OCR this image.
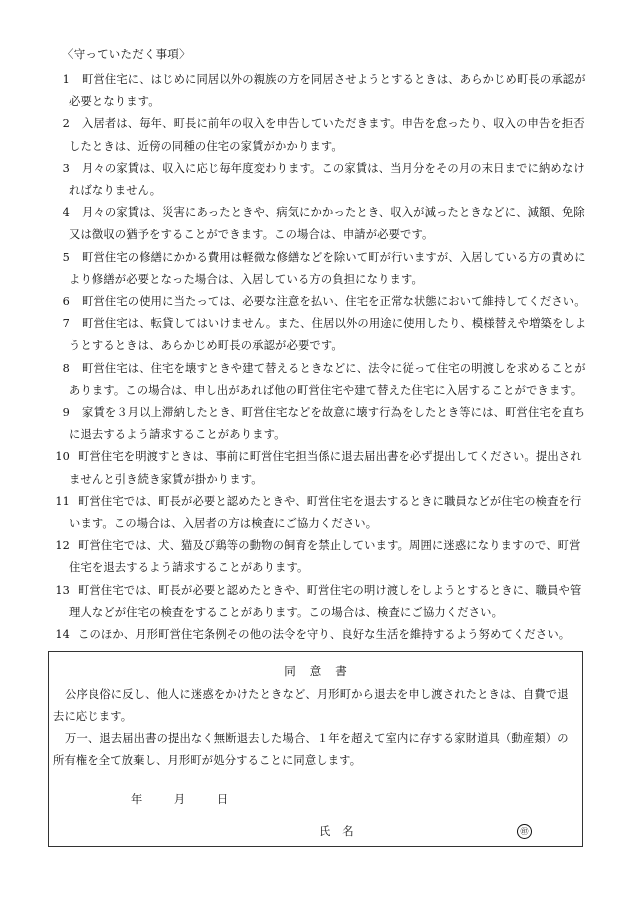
〈守っていただく事項〉
1 町営住宅に、はじめに同居以外の親族の方を同居させようとするときは、あらかじめ町長の承認が必要となります。
2 入居者は、毎年、町長に前年の収入を申告していただきます。申告を怠ったり、収入の申告を拒否したときは、近傍の同種の住宅の家賃がかかります。
3 月々の家賃は、収入に応じ毎年度変わります。この家賃は、当月分をその月の末日までに納めなければなりません。
4 月々の家賃は、災害にあったときや、病気にかかったとき、収入が減ったときなどに、減額、免除又は徴収の猶予をすることができます。この場合は、申請が必要です。
5 町営住宅の修繕にかかる費用は軽微な修繕などを除いて町が行いますが、入居している方の責めにより修繕が必要となった場合は、入居している方の負担になります。
6 町営住宅の使用に当たっては、必要な注意を払い、住宅を正常な状態において維持してください。
7 町営住宅は、転貸してはいけません。また、住居以外の用途に使用したり、模様替えや増築をしようとするときは、あらかじめ町長の承認が必要です。
8 町営住宅は、住宅を壊すときや建て替えるときなどに、法令に従って住宅の明渡しを求めることがあります。この場合は、申し出があれば他の町営住宅や建て替えた住宅に入居することができます。
9 家賃を３月以上滞納したとき、町営住宅などを故意に壊す行為をしたとき等には、町営住宅を直ちに退去するよう請求することがあります。
10 町営住宅を明渡すときは、事前に町営住宅担当係に退去届出書を必ず提出してください。提出されませんと引き続き家賃が掛かります。
11 町営住宅では、町長が必要と認めたときや、町営住宅を退去するときに職員などが住宅の検査を行います。この場合は、入居者の方は検査にご協力ください。
12 町営住宅では、犬、猫及び鶏等の動物の飼育を禁止しています。周囲に迷惑になりますので、町営住宅を退去するよう請求することがあります。
13 町営住宅では、町長が必要と認めたときや、町営住宅の明け渡しをしようとするときに、職員や管理人などが住宅の検査をすることがあります。この場合は、検査にご協力ください。
14 このほか、月形町営住宅条例その他の法令を守り、良好な生活を維持するよう努めてください。
同意書

公序良俗に反し、他人に迷惑をかけたときなど、月形町から退去を申し渡されたときは、自費で退去に応じます。

万一、退去届出書の提出なく無断退去した場合、１年を超えて室内に存する家財道具（動産類）の所有権を全て放棄し、月形町が処分することに同意します。

年	月	日
氏名	㊞
